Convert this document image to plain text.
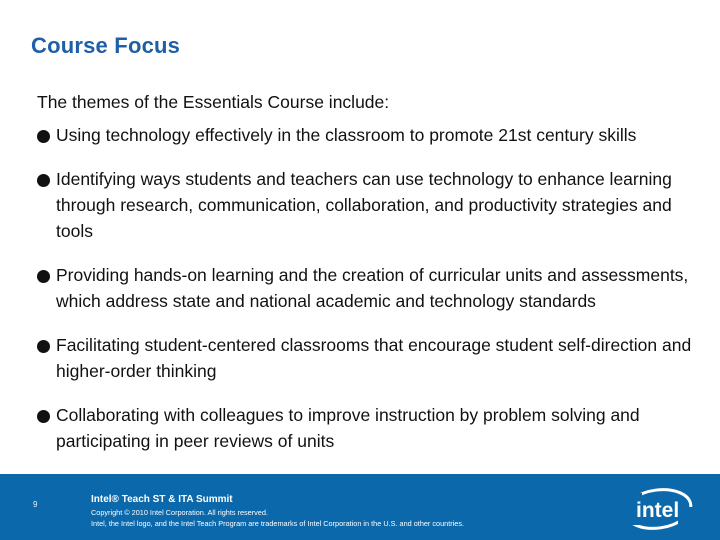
Course Focus
The themes of the Essentials Course include:
Using technology effectively in the classroom to promote 21st century skills
Identifying ways students and teachers can use technology to enhance learning through research, communication, collaboration, and productivity strategies and tools
Providing hands-on learning and the creation of curricular units and assessments, which address state and national academic and technology standards
Facilitating student-centered classrooms that encourage student self-direction and higher-order thinking
Collaborating with colleagues to improve instruction by problem solving and participating in peer reviews of units
9	Intel® Teach ST & ITA Summit
Copyright © 2010 Intel Corporation. All rights reserved.
Intel, the Intel logo, and the Intel Teach Program are trademarks of Intel Corporation in the U.S. and other countries.
intel
